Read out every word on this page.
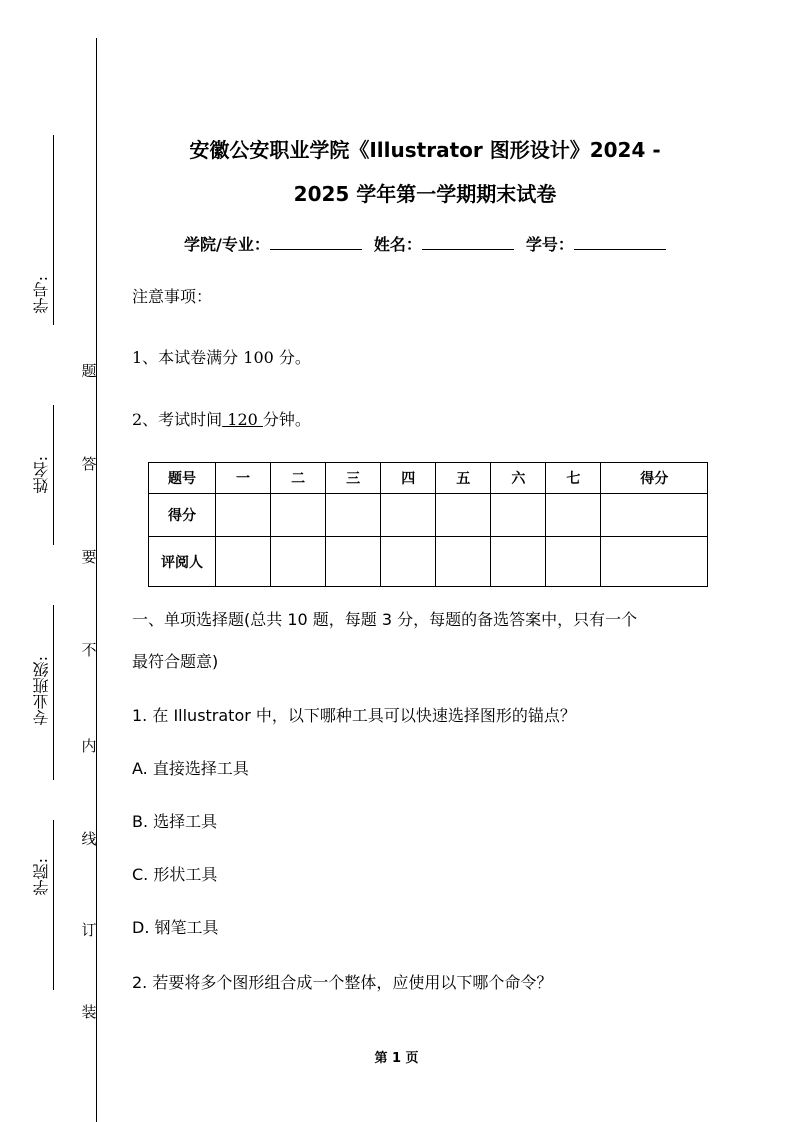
学号:
姓名:
专业班级:
学院:
题
答
要
不
内
线
订
装
安徽公安职业学院《Illustrator 图形设计》2024 -
2025 学年第一学期期末试卷
学院/专业：	姓名：	学号：
注意事项：
1、本试卷满分 100 分。
2、考试时间 120 分钟。
题号	一	二	三	四	五	六	七	得分
得分								
评阅人								
一、单项选择题(总共 10 题，每题 3 分，每题的备选答案中，只有一个
最符合题意)
1. 在 Illustrator 中，以下哪种工具可以快速选择图形的锚点？
A. 直接选择工具
B. 选择工具
C. 形状工具
D. 钢笔工具
2. 若要将多个图形组合成一个整体，应使用以下哪个命令？
第 1 页
